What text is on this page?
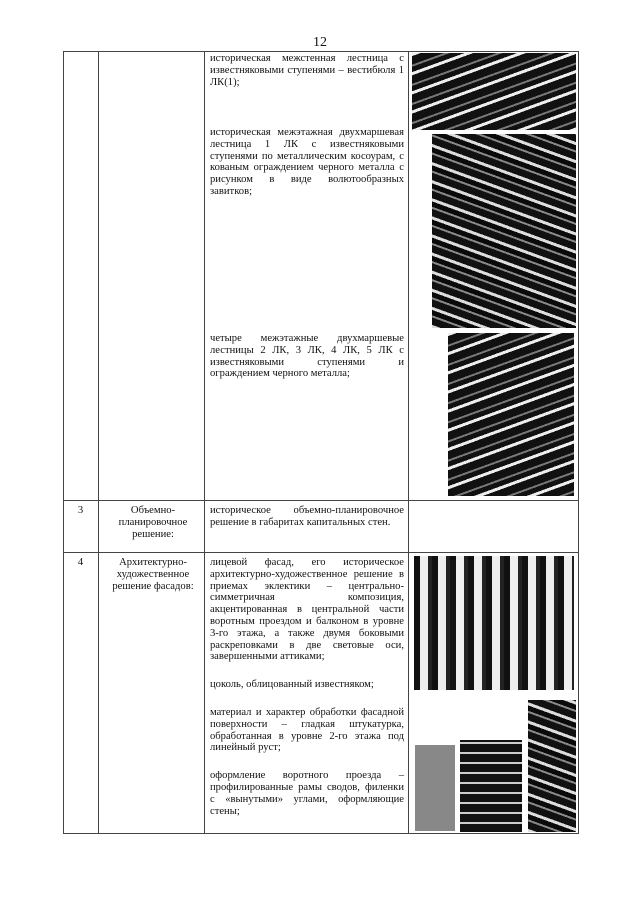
12
историческая межстенная лестница с известняковыми ступенями – вестибюля 1 ЛК(1);
историческая межэтажная двухмаршевая лестница 1 ЛК с известняковыми ступенями по металлическим косоурам, с кованым ограждением черного металла с рисунком в виде волютообразных завитков;
четыре межэтажные двухмаршевые лестницы 2 ЛК, 3 ЛК, 4 ЛК, 5 ЛК с известняковыми ступенями и ограждением черного металла;
3	Объемно-планировочное решение:
историческое объемно-планировочное решение в габаритах капитальных стен.
4	Архитектурно-художественное решение фасадов:
лицевой фасад, его историческое архитектурно-художественное решение в приемах эклектики – центрально-симметричная композиция, акцентированная в центральной части воротным проездом и балконом в уровне 3-го этажа, а также двумя боковыми раскреповками в две световые оси, завершенными аттиками;
цоколь, облицованный известняком;
материал и характер обработки фасадной поверхности – гладкая штукатурка, обработанная в уровне 2-го этажа под линейный руст;
оформление воротного проезда – профилированные рамы сводов, филенки с «вынутыми» углами, оформляющие стены;
